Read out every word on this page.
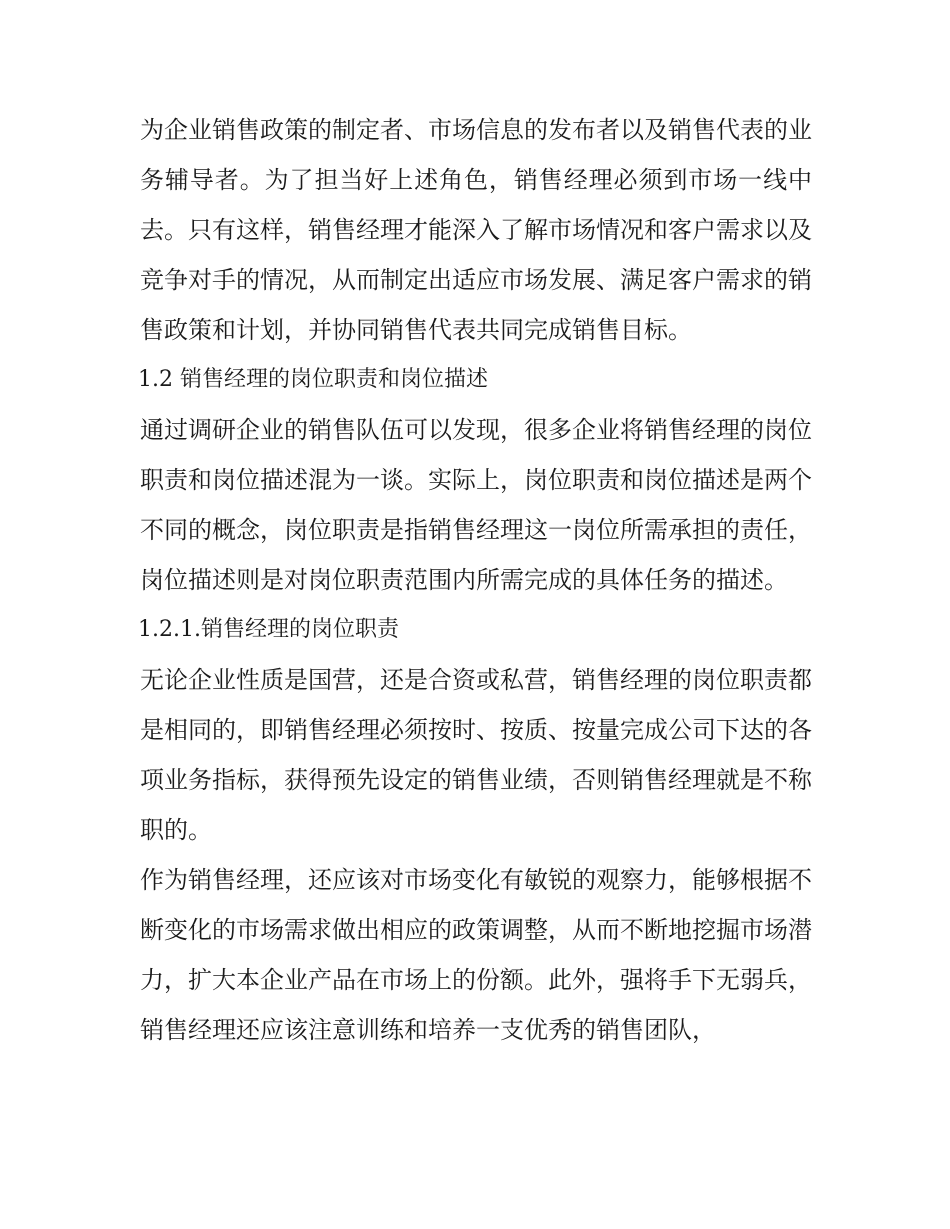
为企业销售政策的制定者、市场信息的发布者以及销售代表的业务辅导者。为了担当好上述角色，销售经理必须到市场一线中去。只有这样，销售经理才能深入了解市场情况和客户需求以及竞争对手的情况，从而制定出适应市场发展、满足客户需求的销售政策和计划，并协同销售代表共同完成销售目标。

1.2 销售经理的岗位职责和岗位描述

通过调研企业的销售队伍可以发现，很多企业将销售经理的岗位职责和岗位描述混为一谈。实际上，岗位职责和岗位描述是两个不同的概念，岗位职责是指销售经理这一岗位所需承担的责任，岗位描述则是对岗位职责范围内所需完成的具体任务的描述。

1.2.1.销售经理的岗位职责

无论企业性质是国营，还是合资或私营，销售经理的岗位职责都是相同的，即销售经理必须按时、按质、按量完成公司下达的各项业务指标，获得预先设定的销售业绩，否则销售经理就是不称职的。

作为销售经理，还应该对市场变化有敏锐的观察力，能够根据不断变化的市场需求做出相应的政策调整，从而不断地挖掘市场潜力，扩大本企业产品在市场上的份额。此外，强将手下无弱兵，销售经理还应该注意训练和培养一支优秀的销售团队，
